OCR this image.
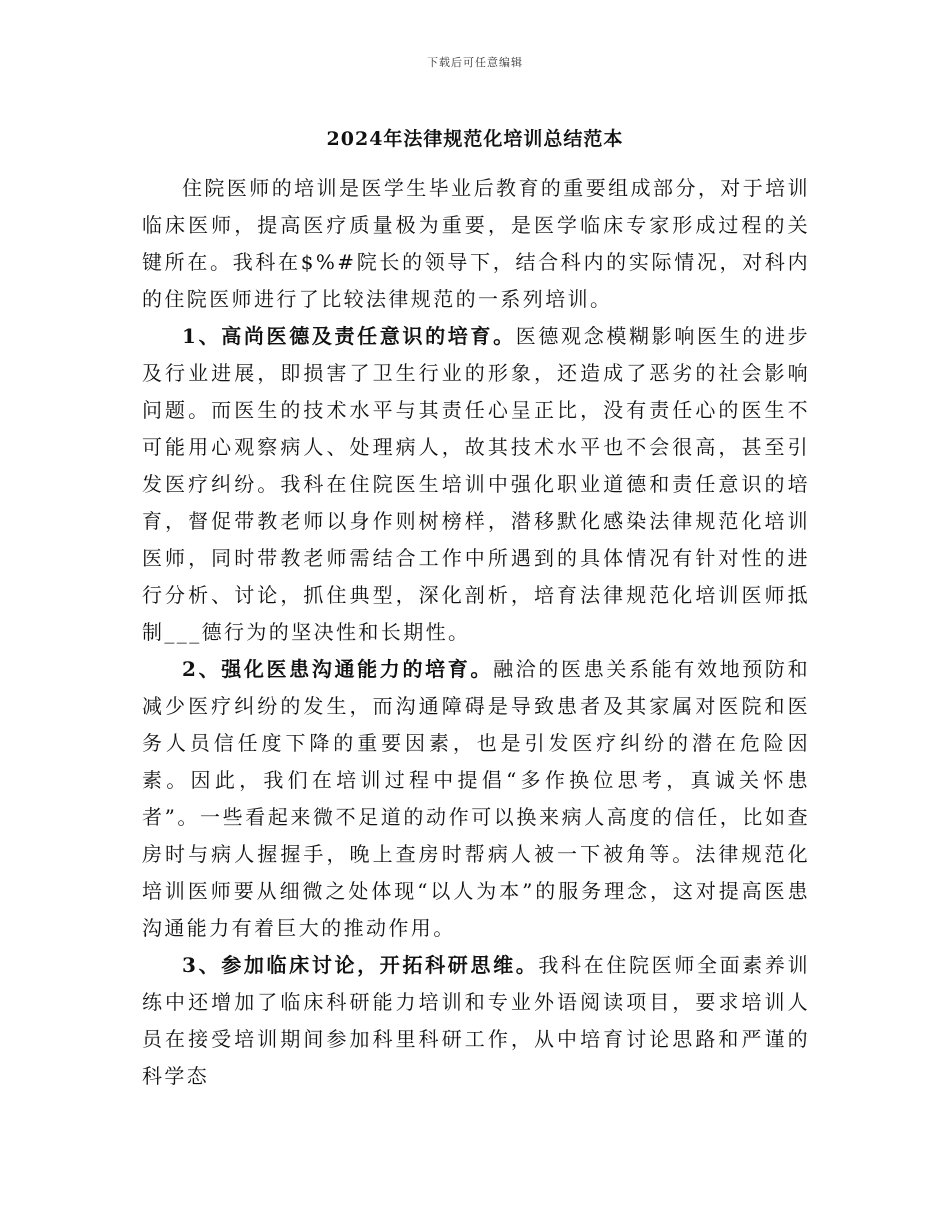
下载后可任意编辑
2024年法律规范化培训总结范本

住院医师的培训是医学生毕业后教育的重要组成部分，对于培训临床医师，提高医疗质量极为重要，是医学临床专家形成过程的关键所在。我科在$%#院长的领导下，结合科内的实际情况，对科内的住院医师进行了比较法律规范的一系列培训。

1、高尚医德及责任意识的培育。医德观念模糊影响医生的进步及行业进展，即损害了卫生行业的形象，还造成了恶劣的社会影响问题。而医生的技术水平与其责任心呈正比，没有责任心的医生不可能用心观察病人、处理病人，故其技术水平也不会很高，甚至引发医疗纠纷。我科在住院医生培训中强化职业道德和责任意识的培育，督促带教老师以身作则树榜样，潜移默化感染法律规范化培训医师，同时带教老师需结合工作中所遇到的具体情况有针对性的进行分析、讨论，抓住典型，深化剖析，培育法律规范化培训医师抵制___德行为的坚决性和长期性。

2、强化医患沟通能力的培育。融洽的医患关系能有效地预防和减少医疗纠纷的发生，而沟通障碍是导致患者及其家属对医院和医务人员信任度下降的重要因素，也是引发医疗纠纷的潜在危险因素。因此，我们在培训过程中提倡“多作换位思考，真诚关怀患者”。一些看起来微不足道的动作可以换来病人高度的信任，比如查房时与病人握握手，晚上查房时帮病人被一下被角等。法律规范化培训医师要从细微之处体现“以人为本”的服务理念，这对提高医患沟通能力有着巨大的推动作用。

3、参加临床讨论，开拓科研思维。我科在住院医师全面素养训练中还增加了临床科研能力培训和专业外语阅读项目，要求培训人员在接受培训期间参加科里科研工作，从中培育讨论思路和严谨的科学态
